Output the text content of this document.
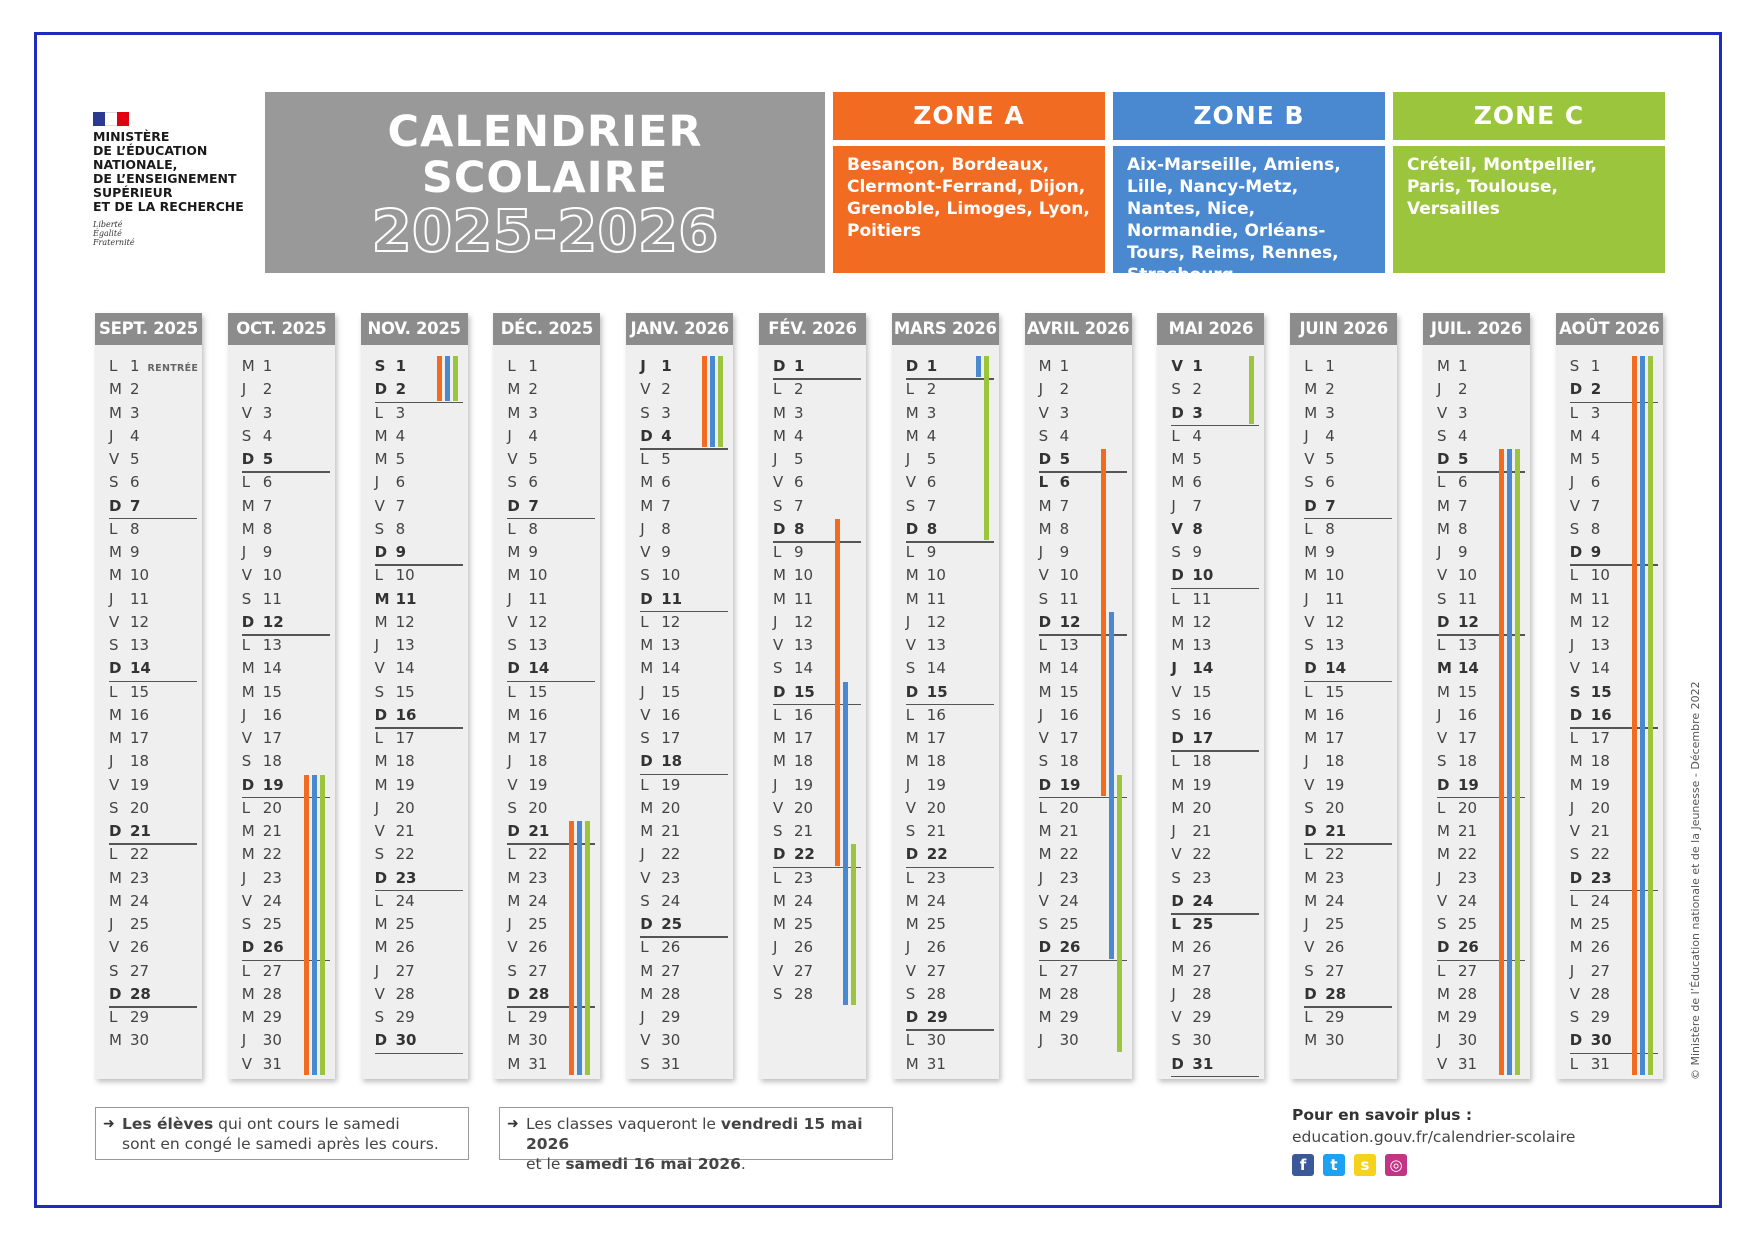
MINISTÈRE
DE L’ÉDUCATION
NATIONALE,
DE L’ENSEIGNEMENT
SUPÉRIEUR
ET DE LA RECHERCHE
Liberté
Égalité
Fraternité
CALENDRIER
SCOLAIRE
2025-2026
ZONE A
Besançon, Bordeaux, Clermont-Ferrand, Dijon, Grenoble, Limoges, Lyon, Poitiers
ZONE B
Aix-Marseille, Amiens, Lille, Nancy-Metz, Nantes, Nice, Normandie, Orléans-Tours, Reims, Rennes, Strasbourg
ZONE C
Créteil, Montpellier, Paris, Toulouse, Versailles
SEPT. 2025
L 1 RENTRÉE
M 2
M 3
J 4
V 5
S 6
D 7
L 8
M 9
M 10
J 11
V 12
S 13
D 14
L 15
M 16
M 17
J 18
V 19
S 20
D 21
L 22
M 23
M 24
J 25
V 26
S 27
D 28
L 29
M 30
OCT. 2025
M 1
J 2
V 3
S 4
D 5
L 6
M 7
M 8
J 9
V 10
S 11
D 12
L 13
M 14
M 15
J 16
V 17
S 18
D 19
L 20
M 21
M 22
J 23
V 24
S 25
D 26
L 27
M 28
M 29
J 30
V 31
NOV. 2025
S 1
D 2
L 3
M 4
M 5
J 6
V 7
S 8
D 9
L 10
M 11
M 12
J 13
V 14
S 15
D 16
L 17
M 18
M 19
J 20
V 21
S 22
D 23
L 24
M 25
M 26
J 27
V 28
S 29
D 30
DÉC. 2025
L 1
M 2
M 3
J 4
V 5
S 6
D 7
L 8
M 9
M 10
J 11
V 12
S 13
D 14
L 15
M 16
M 17
J 18
V 19
S 20
D 21
L 22
M 23
M 24
J 25
V 26
S 27
D 28
L 29
M 30
M 31
JANV. 2026
J 1
V 2
S 3
D 4
L 5
M 6
M 7
J 8
V 9
S 10
D 11
L 12
M 13
M 14
J 15
V 16
S 17
D 18
L 19
M 20
M 21
J 22
V 23
S 24
D 25
L 26
M 27
M 28
J 29
V 30
S 31
FÉV. 2026
D 1
L 2
M 3
M 4
J 5
V 6
S 7
D 8
L 9
M 10
M 11
J 12
V 13
S 14
D 15
L 16
M 17
M 18
J 19
V 20
S 21
D 22
L 23
M 24
M 25
J 26
V 27
S 28
MARS 2026
D 1
L 2
M 3
M 4
J 5
V 6
S 7
D 8
L 9
M 10
M 11
J 12
V 13
S 14
D 15
L 16
M 17
M 18
J 19
V 20
S 21
D 22
L 23
M 24
M 25
J 26
V 27
S 28
D 29
L 30
M 31
AVRIL 2026
M 1
J 2
V 3
S 4
D 5
L 6
M 7
M 8
J 9
V 10
S 11
D 12
L 13
M 14
M 15
J 16
V 17
S 18
D 19
L 20
M 21
M 22
J 23
V 24
S 25
D 26
L 27
M 28
M 29
J 30
MAI 2026
V 1
S 2
D 3
L 4
M 5
M 6
J 7
V 8
S 9
D 10
L 11
M 12
M 13
J 14
V 15
S 16
D 17
L 18
M 19
M 20
J 21
V 22
S 23
D 24
L 25
M 26
M 27
J 28
V 29
S 30
D 31
JUIN 2026
L 1
M 2
M 3
J 4
V 5
S 6
D 7
L 8
M 9
M 10
J 11
V 12
S 13
D 14
L 15
M 16
M 17
J 18
V 19
S 20
D 21
L 22
M 23
M 24
J 25
V 26
S 27
D 28
L 29
M 30
JUIL. 2026
M 1
J 2
V 3
S 4
D 5
L 6
M 7
M 8
J 9
V 10
S 11
D 12
L 13
M 14
M 15
J 16
V 17
S 18
D 19
L 20
M 21
M 22
J 23
V 24
S 25
D 26
L 27
M 28
M 29
J 30
V 31
AOÛT 2026
S 1
D 2
L 3
M 4
M 5
J 6
V 7
S 8
D 9
L 10
M 11
M 12
J 13
V 14
S 15
D 16
L 17
M 18
M 19
J 20
V 21
S 22
D 23
L 24
M 25
M 26
J 27
V 28
S 29
D 30
L 31
➜ Les élèves qui ont cours le samedi
sont en congé le samedi après les cours.
➜ Les classes vaqueront le vendredi 15 mai 2026
et le samedi 16 mai 2026.
Pour en savoir plus :
education.gouv.fr/calendrier-scolaire
f	t	s	◎
© Ministère de l’Éducation nationale et de la Jeunesse - Décembre 2022
